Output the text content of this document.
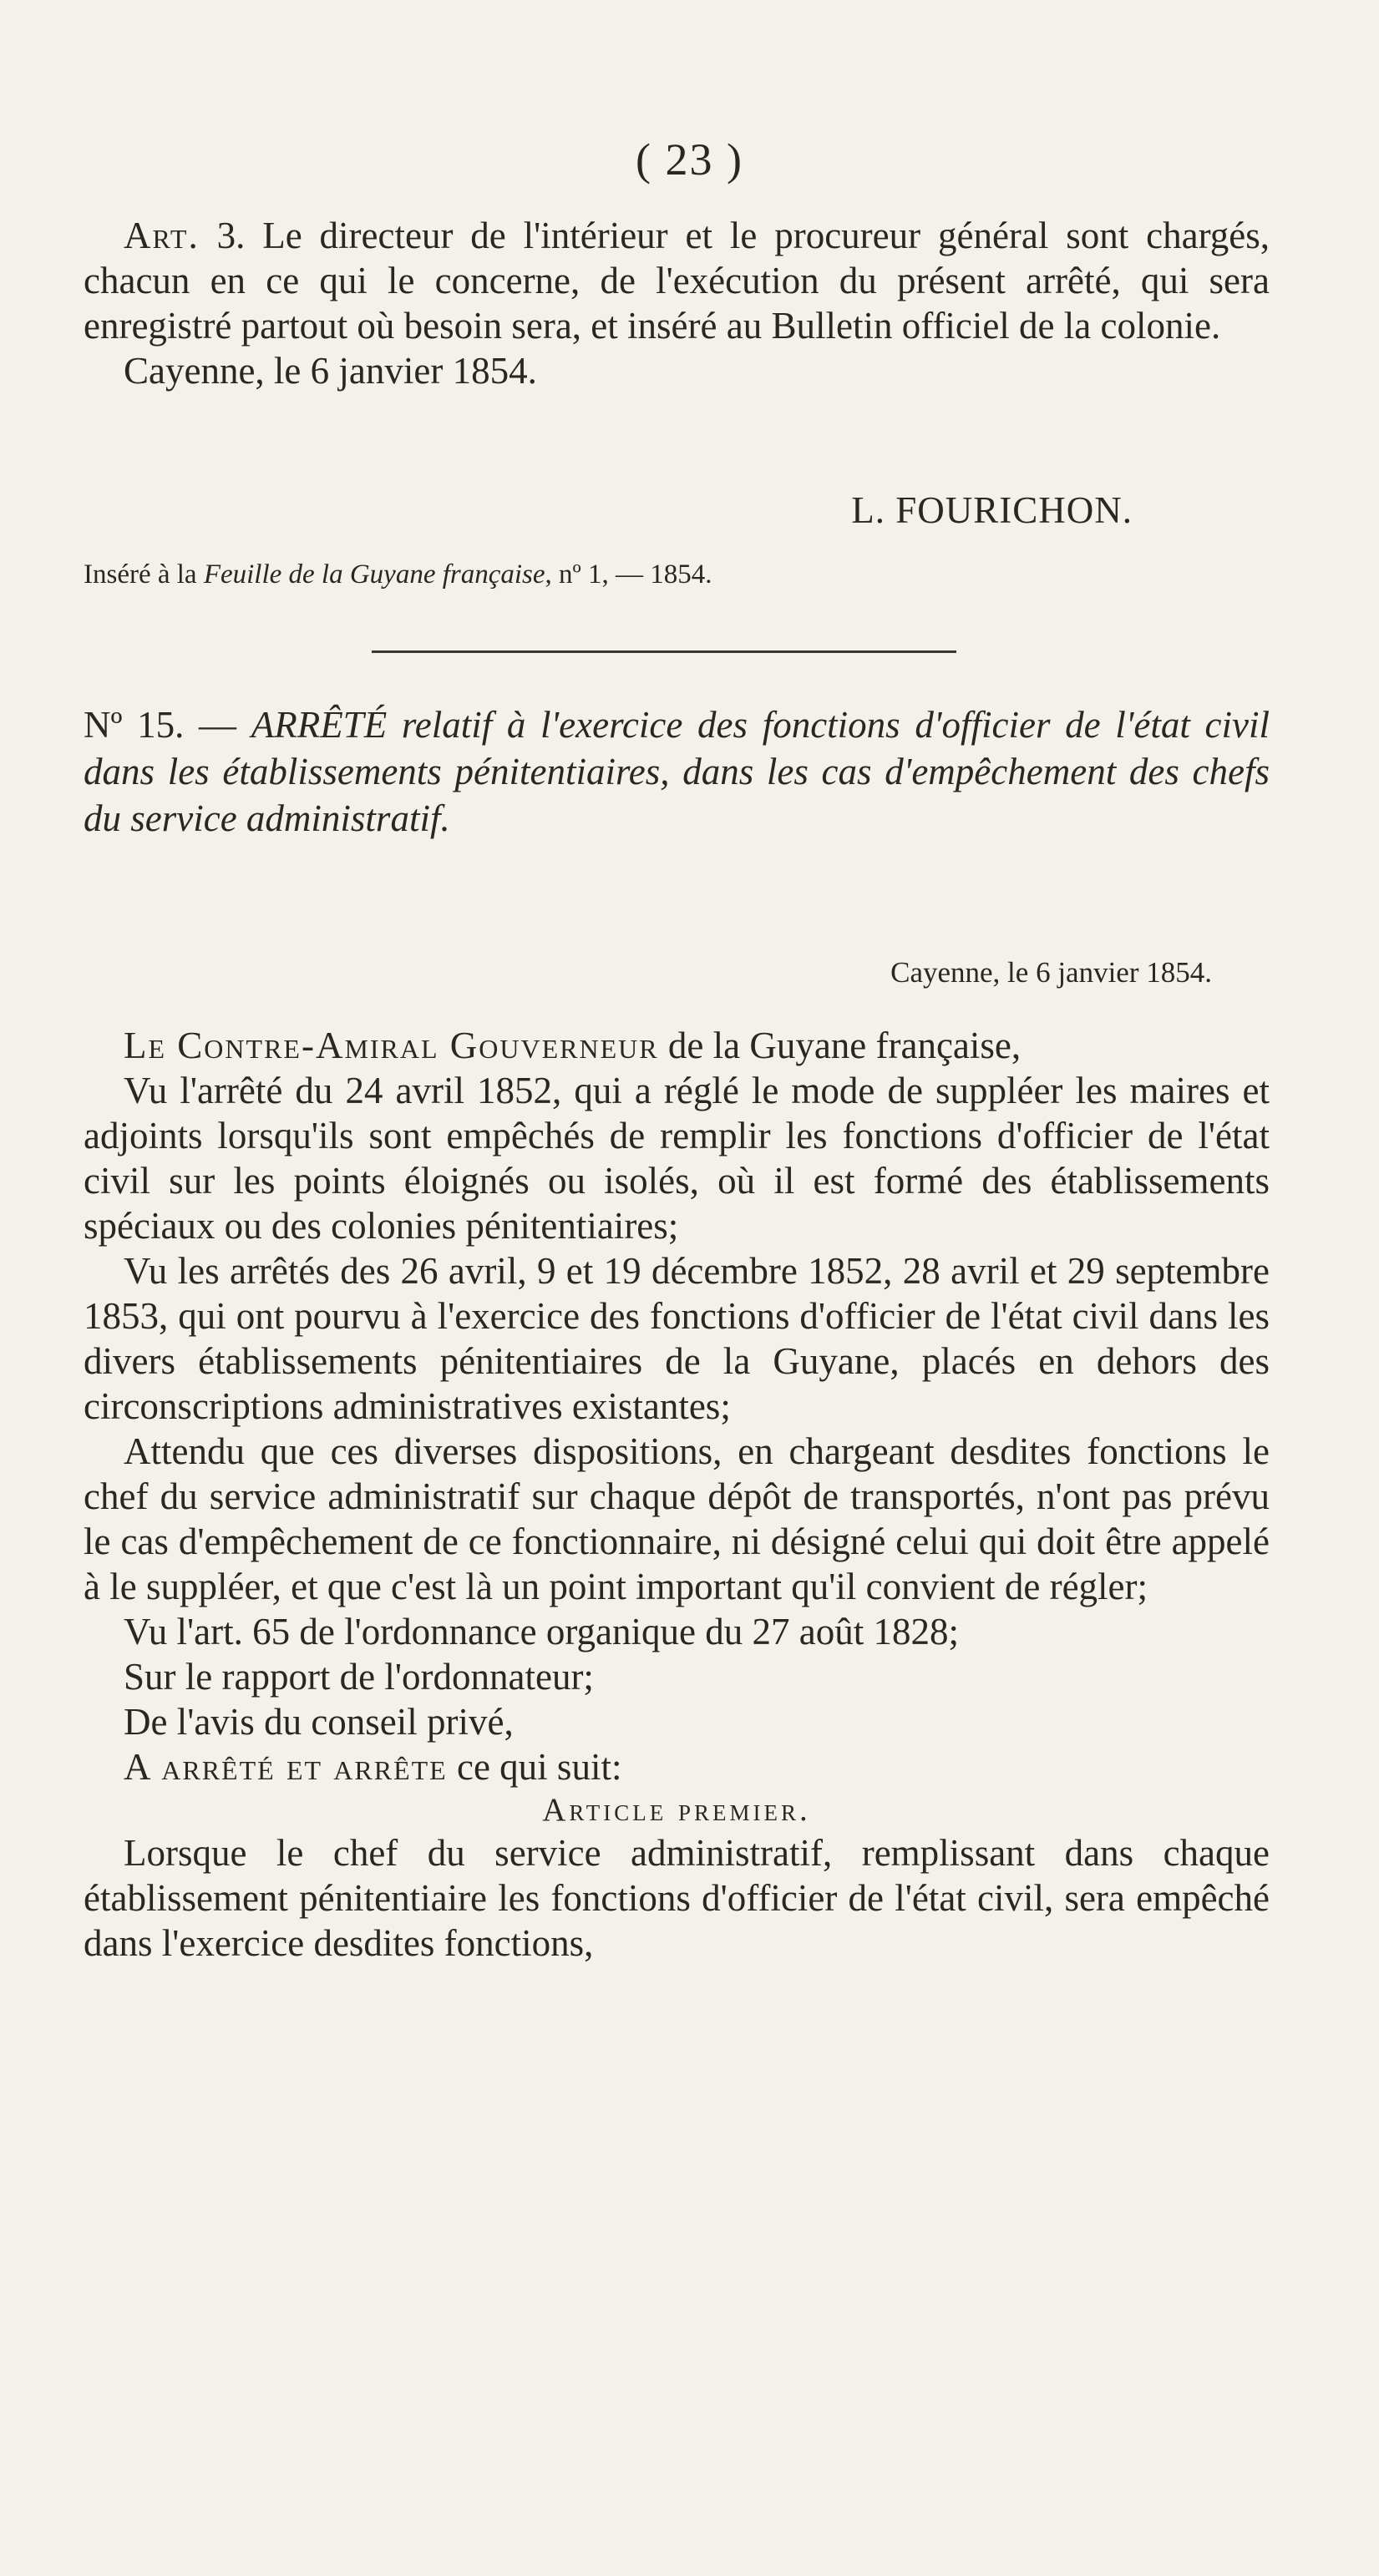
( 23 )

Art. 3. Le directeur de l'intérieur et le procureur général sont chargés, chacun en ce qui le concerne, de l'exécution du présent arrêté, qui sera enregistré partout où besoin sera, et inséré au Bulletin officiel de la colonie.

Cayenne, le 6 janvier 1854.

L. FOURICHON.
Inséré à la Feuille de la Guyane française, nº 1, — 1854.

Nº 15. — ARRÊTÉ relatif à l'exercice des fonctions d'officier de l'état civil dans les établissements pénitentiaires, dans les cas d'empêchement des chefs du service administratif.

Cayenne, le 6 janvier 1854.

Le Contre-Amiral Gouverneur de la Guyane française,

Vu l'arrêté du 24 avril 1852, qui a réglé le mode de suppléer les maires et adjoints lorsqu'ils sont empêchés de remplir les fonctions d'officier de l'état civil sur les points éloignés ou isolés, où il est formé des établissements spéciaux ou des colonies pénitentiaires;

Vu les arrêtés des 26 avril, 9 et 19 décembre 1852, 28 avril et 29 septembre 1853, qui ont pourvu à l'exercice des fonctions d'officier de l'état civil dans les divers établissements pénitentiaires de la Guyane, placés en dehors des circonscriptions administratives existantes;

Attendu que ces diverses dispositions, en chargeant desdites fonctions le chef du service administratif sur chaque dépôt de transportés, n'ont pas prévu le cas d'empêchement de ce fonctionnaire, ni désigné celui qui doit être appelé à le suppléer, et que c'est là un point important qu'il convient de régler;

Vu l'art. 65 de l'ordonnance organique du 27 août 1828;

Sur le rapport de l'ordonnateur;

De l'avis du conseil privé,

A arrêté et arrête ce qui suit:

Article premier.

Lorsque le chef du service administratif, remplissant dans chaque établissement pénitentiaire les fonctions d'officier de l'état civil, sera empêché dans l'exercice desdites fonctions,
